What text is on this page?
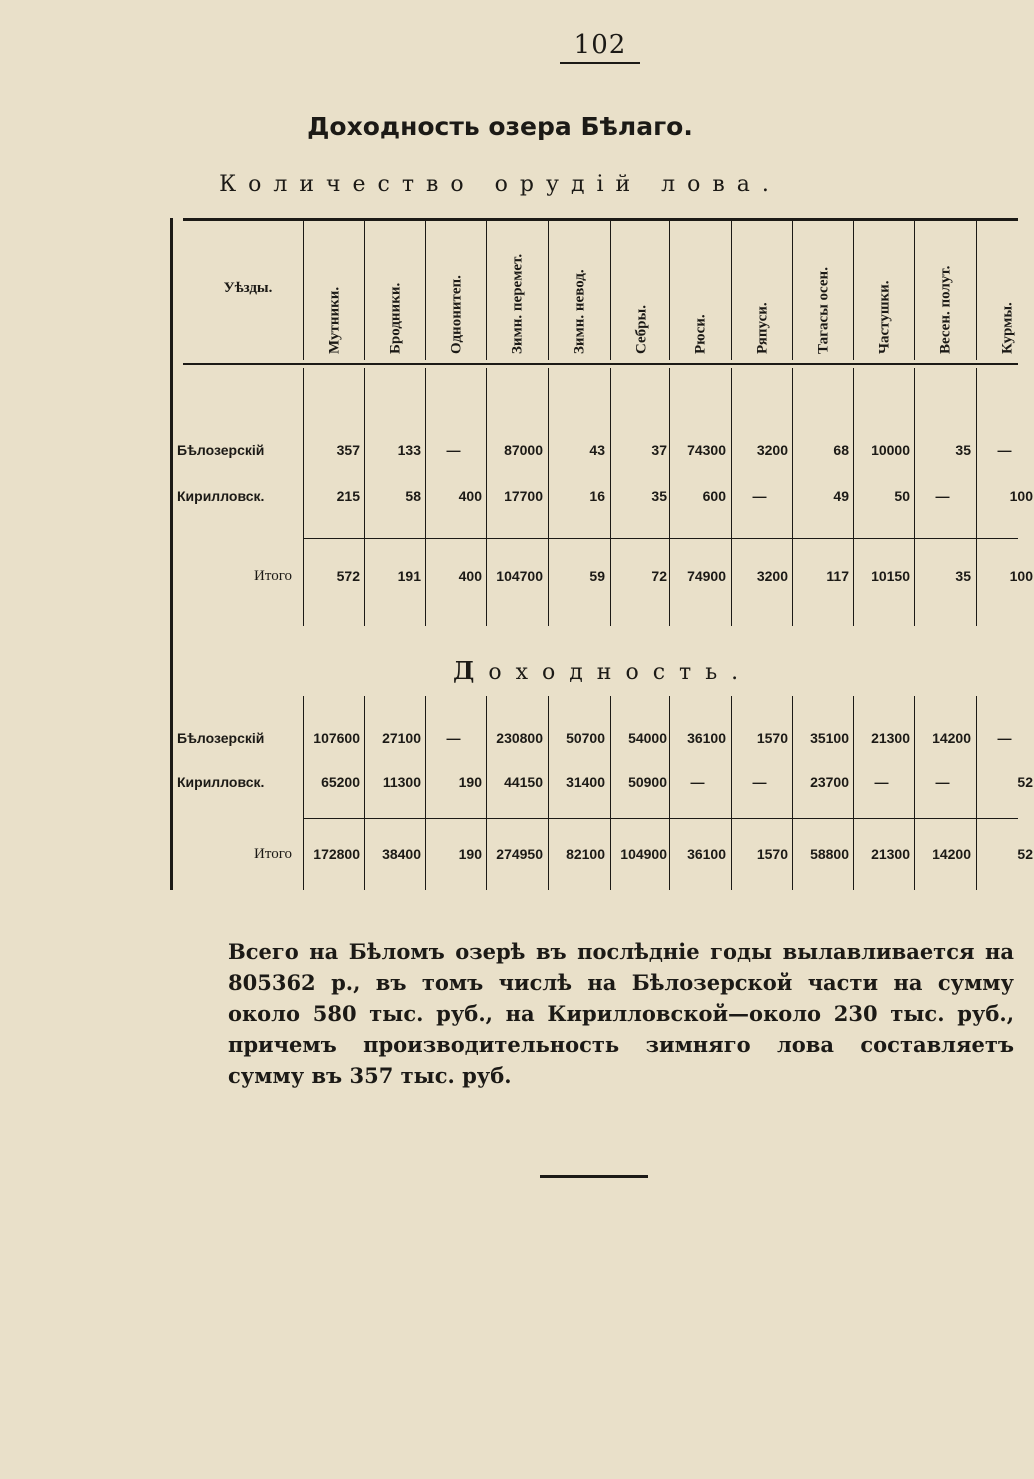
102
Доходность озера Бѣлаго.
Количество орудій лова.
Уѣзды.	Мутники.	Бродники.	Однонитеп.	Зимн. перемет.	Зимн. невод.	Себры.	Рюси.	Ряпуси.	Тагасы осен.	Частушки.	Весен. полут.	Курмы.
Бѣлозерскій	357	133	—	87000	43	37	74300	3200	68	10000	35	—
Кирилловск.	215	58	400	17700	16	35	600	—	49	50	—	100
Итого	572	191	400	104700	59	72	74900	3200	117	10150	35	100
Доходность.
Бѣлозерскій	107600	27100	—	230800	50700	54000	36100	1570	35100	21300	14200	—
Кирилловск.	65200	11300	190	44150	31400	50900	—	—	23700	—	—	52
Итого	172800	38400	190	274950	82100	104900	36100	1570	58800	21300	14200	52

Всего на Бѣломъ озерѣ въ послѣдніе годы вылавливается на 805362 р., въ томъ числѣ на Бѣлозерской части на сумму около 580 тыс. руб., на Кирилловской—около 230 тыс. руб., причемъ производительность зимняго лова составляетъ сумму въ 357 тыс. руб.
